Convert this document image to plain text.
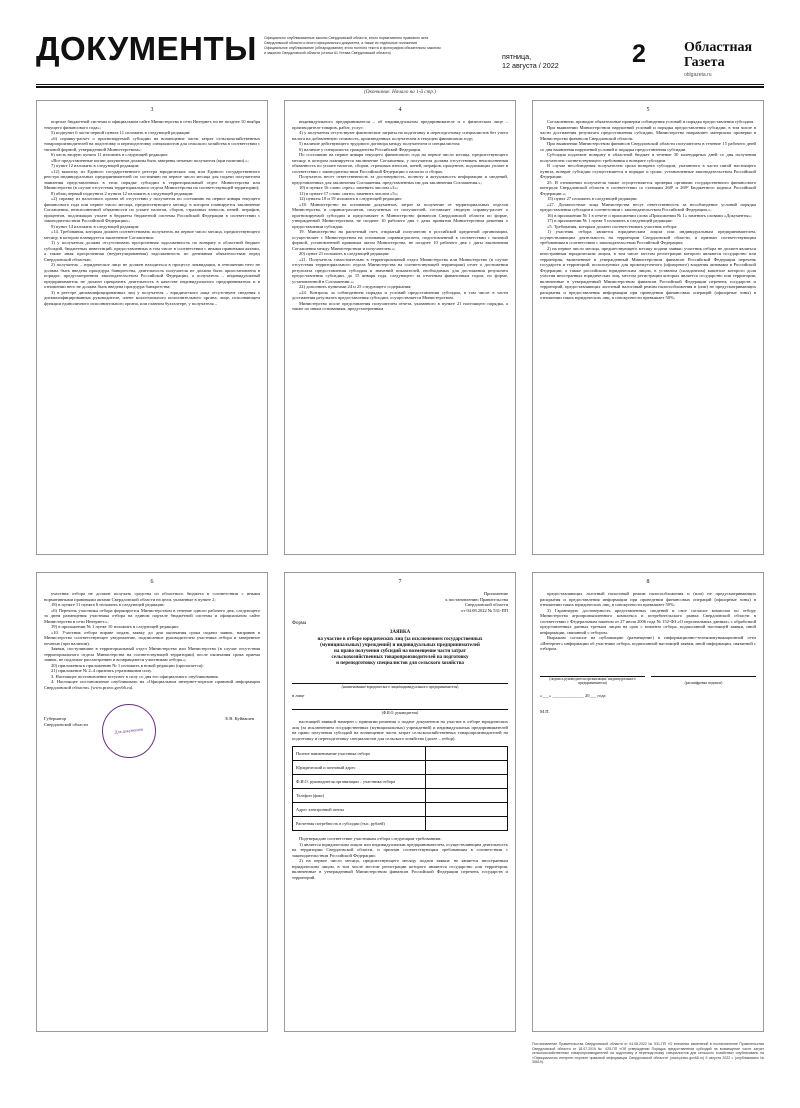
ДОКУМЕНТЫ Официально опубликованные законы Свердловской области, иного нормативного правового акта
Свердловской области и иного официального документа, а также их отдельные положения
Официальное опубликование (обнародование) этого полного текста и фотография обязательны законом
и законом Свердловской области (статья 61 Устава Свердловской области)	пятница,
12 августа / 2022	2	Областная
Газета
oblgazeta.ru
(Окончание. Начало на 1-й стр.)
3

портале бюджетной системы и официальном сайте Министерства в сети Интернет, но не позднее 10 ноября текущего финансового года»;

5) подпункт 6 части первой пункта 11 изложить в следующей редакции:

«6) справку-расчет о прогнозируемой субсидии на возмещение части затрат сельскохозяйственных товаропроизводителей на подготовку и переподготовку специалистов для сельского хозяйства в соответствии с типовой формой, утвержденной Министерством»;

6) часть вторую пункта 11 изложить в следующей редакции:

«Все представленные копии документов должны быть заверены печатью получателя (при наличии).»;

7) пункт 12 изложить в следующей редакции:

«12) выписку из Единого государственного реестра юридических лиц или Единого государственного реестра индивидуальных предпринимателей по состоянию на первое число месяца для подачи получателем заявления представленных в этом порядке субсидии в территориальный отдел Министерства или Министерство (в случае отсутствия территориального отдела Министерства на соответствующей территории);

8) абзац первый подпункта 2 пункта 12 изложить в следующей редакции:

«2) справку из налогового органа об отсутствии у получателя по состоянию на первое января текущего финансового года или первое число месяца, предшествующего месяцу, в котором планируется заключение Соглашения, неисполненной обязанности по уплате налогов, сборов, страховых взносов, пеней, штрафов, процентов, подлежащих уплате в бюджеты бюджетной системы Российской Федерации в соответствии с законодательством Российской Федерации»;

9) пункт 14 изложить в следующей редакции:

«14. Требования, которым должен соответствовать получатель на первое число месяца, предшествующего месяцу, в котором планируется заключение Соглашения:

1) у получателя должна отсутствовать просроченная задолженность по возврату в областной бюджет субсидий, бюджетных инвестиций, предоставленных в том числе в соответствии с иными правовыми актами, а также иная просроченная (неурегулированная) задолженность по денежным обязательствам перед Свердловской областью;

2) получатель – юридическое лицо не должен находиться в процессе ликвидации, в отношении него не должна быть введена процедура банкротства, деятельность получателя не должна быть приостановлена в порядке, предусмотренном законодательством Российской Федерации, а получатель – индивидуальный предприниматель не должен прекратить деятельность в качестве индивидуального предпринимателя и в отношении него не должна быть введена процедура банкротства;

3) в реестре дисквалифицированных лиц у получателя – юридического лица отсутствуют сведения о дисквалифицированных руководителе, члене коллегиального исполнительного органа, лице, исполняющем функции единоличного исполнительного органа, или главном бухгалтере, у получателя –

4

индивидуального предпринимателя – об индивидуальном предпринимателе и о физическом лице – производителе товаров, работ, услуг;

4) у получателя отсутствуют фактические затраты на подготовку и переподготовку специалистов без учета налога на добавленную стоимость, произведенных получателем в текущем финансовом году;

5) наличие действующего трудового договора между получателем и специалистом;

6) наличие у специалиста гражданства Российской Федерации.

По состоянию на первое января текущего финансового года на первое число месяца, предшествующего месяцу, в котором планируется заключение Соглашения, у получателя должна отсутствовать неисполненная обязанность по уплате налогов, сборов, страховых взносов, пеней, штрафов, процентов, подлежащих уплате в соответствии с законодательством Российской Федерации о налогах и сборах.

Получатель несет ответственность за достоверность, полноту и актуальность информации и сведений, представленных для заключения Соглашения, представленных им для заключения Соглашения.»;

10) в пункте 16 слово «трех» заменить числом «3»;

11) в пункте 17 слово «пяти» заменить числом «5»;

12) пункты 18 и 19 изложить в следующей редакции:

«18. Министерство на основании документов, затрат за получение от территориальных отделов Министерства, и справок-расчетов, полученных от получателей, составляет сводную справку-расчет о прогнозируемой субсидии и представляет в Министерство финансов Свердловской области по форме, утвержденной Министерством, не позднее 10 рабочего дня с даты принятия Министерством решения о предоставлении субсидии.

19. Министерство на расчетный счет, открытый получателю в российской кредитной организации, осуществляет с Министерством на основании справки-расчета, подготовленной в соответствии с типовой формой, установленной правовым актом Министерства, не позднее 10 рабочего дня с даты заключения Соглашения между Министерством и получателем.»;

20) пункт 21 изложить в следующей редакции:

«21. Получатель самостоятельно в территориальный отдел Министерства или Министерство (в случае отсутствия территориального отдела Министерства на соответствующей территории) отчет о достижении результата предоставления субсидии и значений показателей, необходимых для достижения результата предоставления субсидии, до 15 января года, следующего за отчетным финансовым годом, по форме, установленной в Соглашении.»;

22) дополнить пунктами 24 и 25 следующего содержания:

«24. Контроль за соблюдением порядка и условий предоставления субсидии, в том числе в части достижения результата предоставления субсидии, осуществляется Министерством.

Министерство после представления получателем отчета, указанного в пункте 21 настоящего порядка, а также по иным основаниям, предусмотренным

5

Соглашением, проводит обязательные проверки соблюдения условий и порядка предоставления субсидии.

При выявлении Министерством нарушений условий и порядка предоставления субсидии, в том числе в части достижения результата предоставления субсидии, Министерство направляет материалы проверки в Министерство финансов Свердловской области.

При выявлении Министерством финансов Свердловской области получателем в течение 15 рабочего дней со дня выявления нарушений условий и порядка предоставления субсидии.

Субсидия подлежит возврату в областной бюджет в течение 30 календарных дней со дня получения получателем соответствующего требования о возврате субсидии.

В случае несоблюдения получателем срока возврата субсидии, указанного в части пятой настоящего пункта, возврат субсидии осуществляется в порядке и сроки, установленные законодательством Российской Федерации.

25. В отношении получателя также осуществляется проверка органами государственного финансового контроля Свердловской области в соответствии со статьями 268¹ и 269² Бюджетного кодекса Российской Федерации.»;

15) пункт 27 изложить в следующей редакции:

«27. Должностные лица Министерства несут ответственность за несоблюдение условий порядка предоставления субсидии в соответствии с законодательством Российской Федерации.»;

16) в приложении № 1 в отчете о приложении слова «Приложении № 1» заменить словами «Документы»;

17) в приложении № 1 пункт 5 изложить в следующей редакции:

«5. Требования, которым должен соответствовать участник отбора:

1) участник отбора является юридическим лицом или индивидуальным предпринимателем, осуществляющим деятельность на территории Свердловской области, и признан соответствующим требованиям в соответствии с законодательством Российской Федерации;

2) на первое число месяца, предшествующего месяцу подачи заявки: участник отбора не должен являться иностранным юридическим лицом, в том числе местом регистрации которого являются государство или территория, включенные в утвержденный Министерством финансов Российской Федерации перечень государств и территорий, используемых для промежуточного (офшорного) владения активами в Российской Федерации, а также российским юридическим лицом, в уставном (складочном) капитале которого доля участия иностранных юридических лиц, местом регистрации которых является государство или территория, включенные в утвержденный Министерством финансов Российской Федерации перечень государств и территорий, предоставляющих льготный налоговый режим налогообложения и (или) не предусматривающих раскрытия и предоставления информации при проведении финансовых операций (офшорные зоны) в отношении таких юридических лиц, в совокупности превышает 50%;

6

участник отбора не должен получать средства из областного бюджета в соответствии с иными нормативными правовыми актами Свердловской области на цели, указанные в пункте 2;

18) в пункте 11 пункта 6 изложить в следующей редакции:

«6) Перечень участника отбора формируется Министерством в течение одного рабочего дня, следующего за днем размещения участника отбора на едином портале бюджетной системы и официальном сайте Министерства в сети Интернет.»;

19) в приложении № 1 пункт 10 изложить в следующей редакции:

«10. Участник отбора вправе подать заявку до дня окончания срока подачи заявок, направив в Министерство соответствующее уведомление, подписанное руководителем участника отбора и заверенное печатью (при наличии).

Заявки, поступившие в территориальный отдел Министерства или Министерство (в случае отсутствия территориального отдела Министерства на соответствующей территории) после окончания срока приема заявок, не подлежат рассмотрению и возвращаются участникам отбора.»;

20) приложения к приложению № 1 изложить в новой редакции (прилагается);

21) приложение № 2–4 признать утратившими силу.

3. Настоящее постановление вступает в силу со дня его официального опубликования.

4. Настоящее постановление опубликовать на «Официальном интернет-портале правовой информации Свердловской области» (www.pravo.gov66.ru).

Губернатор
Свердловской области
Для документов
Е.В. Куйвашев
7
Приложение
к постановлению Правительства
Свердловской области
от 04.08.2022 № 531-ПП
Форма
ЗАЯВКА
на участие в отборе юридических лиц (за исключением государственных
(муниципальных) учреждений) и индивидуальных предпринимателей
на право получения субсидий на возмещение части затрат
сельскохозяйственных товаропроизводителей на подготовку
и переподготовку специалистов для сельского хозяйства
(наименование юридического лица/индивидуального предпринимателя)

в лице

(Ф.И.О. руководителя)

настоящей заявкой намерен с принятии решения о подаче документов на участие в отборе юридических лиц (за исключением государственных (муниципальных) учреждений) и индивидуальных предпринимателей на право получения субсидий на возмещение части затрат сельскохозяйственных товаропроизводителей на подготовку и переподготовку специалистов для сельского хозяйства (далее – отбор).

Полное наименование участника отбора	
Юридический и почтовый адрес	
Ф.И.О. руководителя организации – участника отбора	
Телефон (факс)	
Адрес электронной почты	
Расчетная потребность в субсидии (тыс. рублей)	

Подтверждаю соответствие участникам отбора следующим требованиям:

1) является юридическим лицом или индивидуальным предпринимателем, осуществляющим деятельность на территории Свердловской области, и признан соответствующим требованиям в соответствии с законодательством Российской Федерации;

2) на первое число месяца, предшествующего месяцу подачи заявки: не является иностранным юридическим лицом, в том числе местом регистрации которого являются государство или территория, включенные в утвержденный Министерством финансов Российской Федерации перечень государств и территорий,

8

предоставляющих льготный налоговый режим налогообложения и (или) не предусматривающих раскрытия и предоставления информации при проведении финансовых операций (офшорные зоны) в отношении таких юридических лиц, в совокупности превышает 50%;

3) Гарантирую достоверность представленных сведений и свое согласие комиссии по отбору Министерства агропромышленного комплекса и потребительского рынка Свердловской области в соответствии с Федеральным законом от 27 июля 2006 года № 152-ФЗ «О персональных данных» с обработкой представленных данных третьим лицам на срок с момента отбора, подписанной настоящей заявки, иной информации, связанной с отбором.

Выражаю согласие на публикацию (размещение) в информационно-телекоммуникационной сети «Интернет» информации об участнике отбора, подписанной настоящей заявки, иной информации, связанной с отбором.

(подпись руководителя организации/ индивидуального предпринимателя)	(расшифровка подписи)
«___» ______________ 20___ года
М.П.
Постановление Правительства Свердловской области от 04.08.2022 № 531-ПП «О внесении изменений в постановление Правительства Свердловской области от 18.07.2019 № 425-ПП «Об утверждении Порядка предоставления субсидий на возмещение части затрат сельскохозяйственных товаропроизводителей на подготовку и переподготовку специалистов для сельского хозяйства» опубликовано на «Официальном интернет-портале правовой информации Свердловской области» (www.pravo.gov66.ru) 5 августа 2022 г. (опубликовано № 35619).
